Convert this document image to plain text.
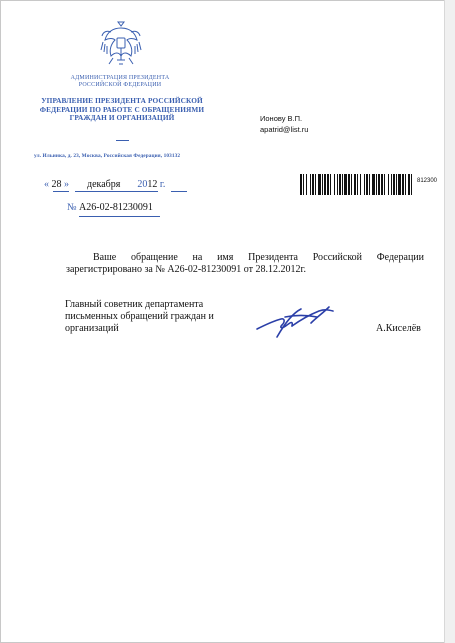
АДМИНИСТРАЦИЯ ПРЕЗИДЕНТА РОССИЙСКОЙ ФЕДЕРАЦИИ
УПРАВЛЕНИЕ ПРЕЗИДЕНТА РОССИЙСКОЙ ФЕДЕРАЦИИ ПО РАБОТЕ С ОБРАЩЕНИЯМИ ГРАЖДАН И ОРГАНИЗАЦИЙ
ул. Ильинка, д. 23, Москва, Российская Федерация, 103132
Ионову В.П.
apatrid@list.ru
« 28 » декабря 2012 г.
№ А26-02-81230091
812300

Ваше обращение на имя Президента Российской Федерации зарегистрировано за № А26-02-81230091 от 28.12.2012г.

Главный советник департамента письменных обращений граждан и организаций	А.Киселёв
